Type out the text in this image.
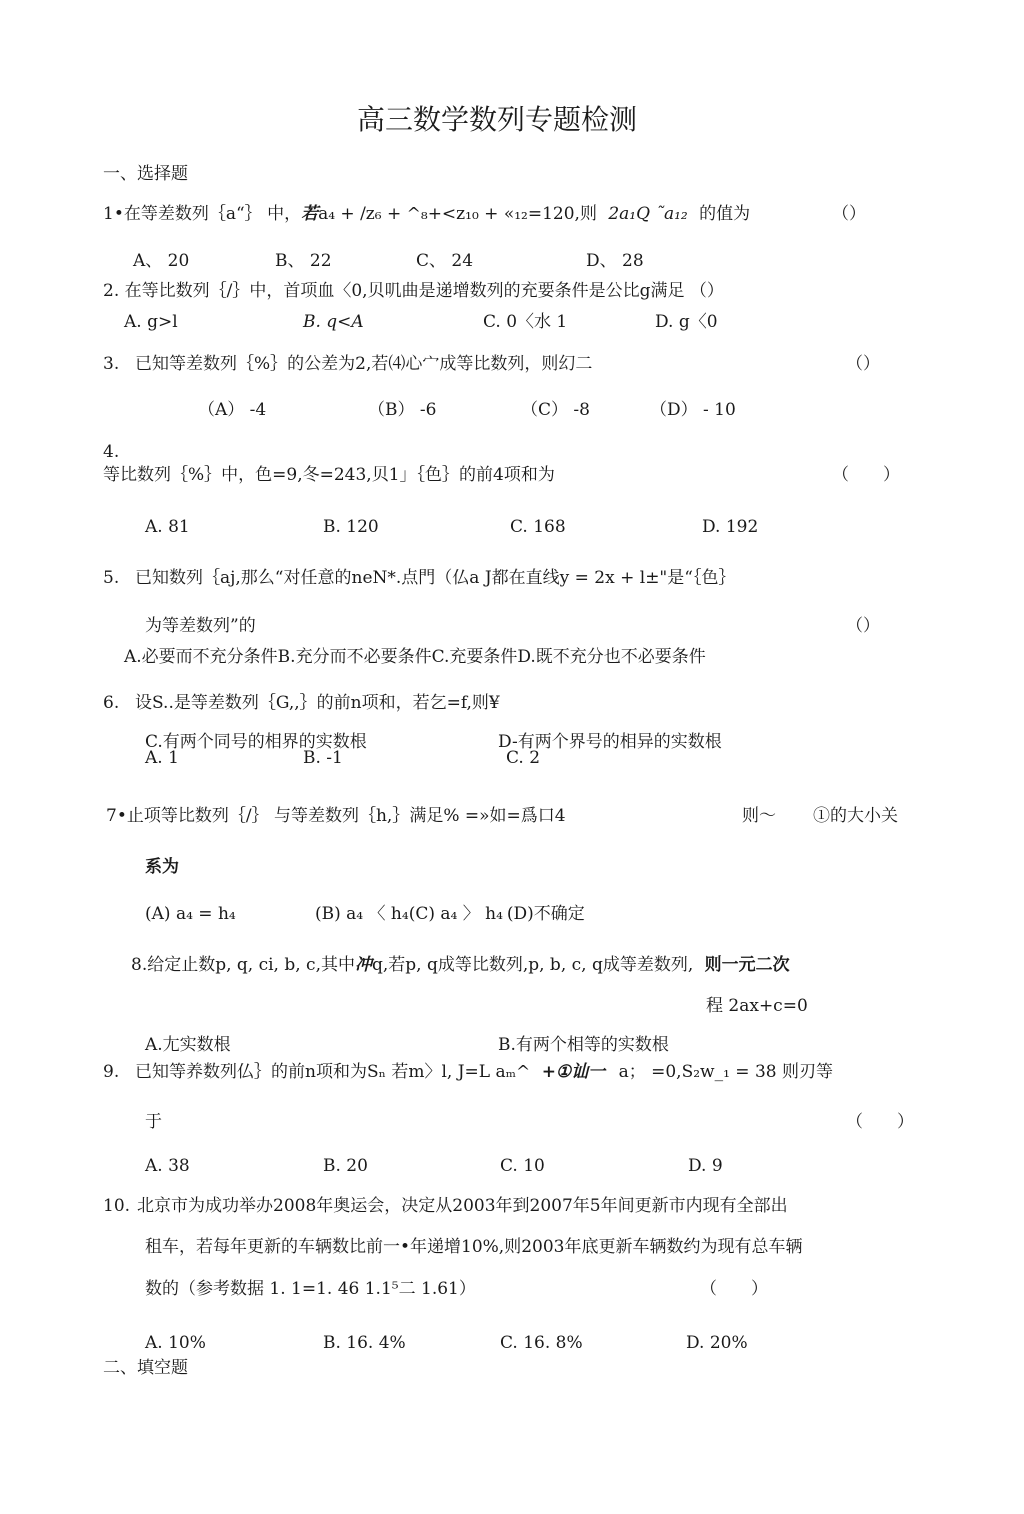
高三数学数列专题检测
一、选择题
1•在等差数列｛a“｝ 中，若a₄ + /z₆ + ^₈+<z₁₀ + «₁₂=120,则 2a₁Q ˜a₁₂ 的值为	（）
A、 20	B、 22	C、 24	D、 28
2. 在等比数列｛/｝中，首项血〈0,贝叽曲是递增数列的充要条件是公比g满足 （）
A. g>l	B. q<A	C. 0〈水 1	D. g〈0
3. 已知等差数列｛%｝的公差为2,若⑷心宀成等比数列，则幻二	（）
（A） -4	（B） -6	（C） -8	（D） - 10
4.
等比数列｛%｝中，色=9,冬=243,贝1」｛色｝的前4项和为	（　　）
A. 81	B. 120	C. 168	D. 192
5. 已知数列｛aj,那么“对任意的neN*.点門（仏a J都在直线y = 2x + l±"是“｛色｝
为等差数列”的	（）
A.必要而不充分条件B.充分而不必要条件C.充要条件D.既不充分也不必要条件
6. 设S..是等差数列｛G,,｝的前n项和，若乞=f,则¥
C.有两个同号的相界的实数根	D-有两个界号的相异的实数根
A. 1	B. -1	C. 2
7•止项等比数列｛/｝ 与等差数列｛h,｝满足% =»如=爲口4	则〜 ①的大小关
系为
(A) a₄ = h₄	(B) a₄ 〈 h₄(C) a₄ 〉 h₄ (D)不确定
8.给定止数p, q, ci, b, c,其中冲q,若p, q成等比数列,p, b, c, q成等差数列, 则一元二次
程 2ax+c=0
A.尢实数根	B.有两个相等的实数根
9. 已知等养数列仏｝的前n项和为Sₙ 若m〉l, J=L aₘ^ +①讪一 a； =0,S₂w_₁ = 38 则刃等
于	（　　）
A. 38	B. 20	C. 10	D. 9
10. 北京市为成功举办2008年奥运会，决定从2003年到2007年5年间更新市内现有全部出
租车，若每年更新的车辆数比前一•年递增10%,则2003年底更新车辆数约为现有总车辆
数的（参考数据 1. 1=1. 46 1.1⁵二 1.61）	（　　）
A. 10%	B. 16. 4%	C. 16. 8%	D. 20%
二、填空题
